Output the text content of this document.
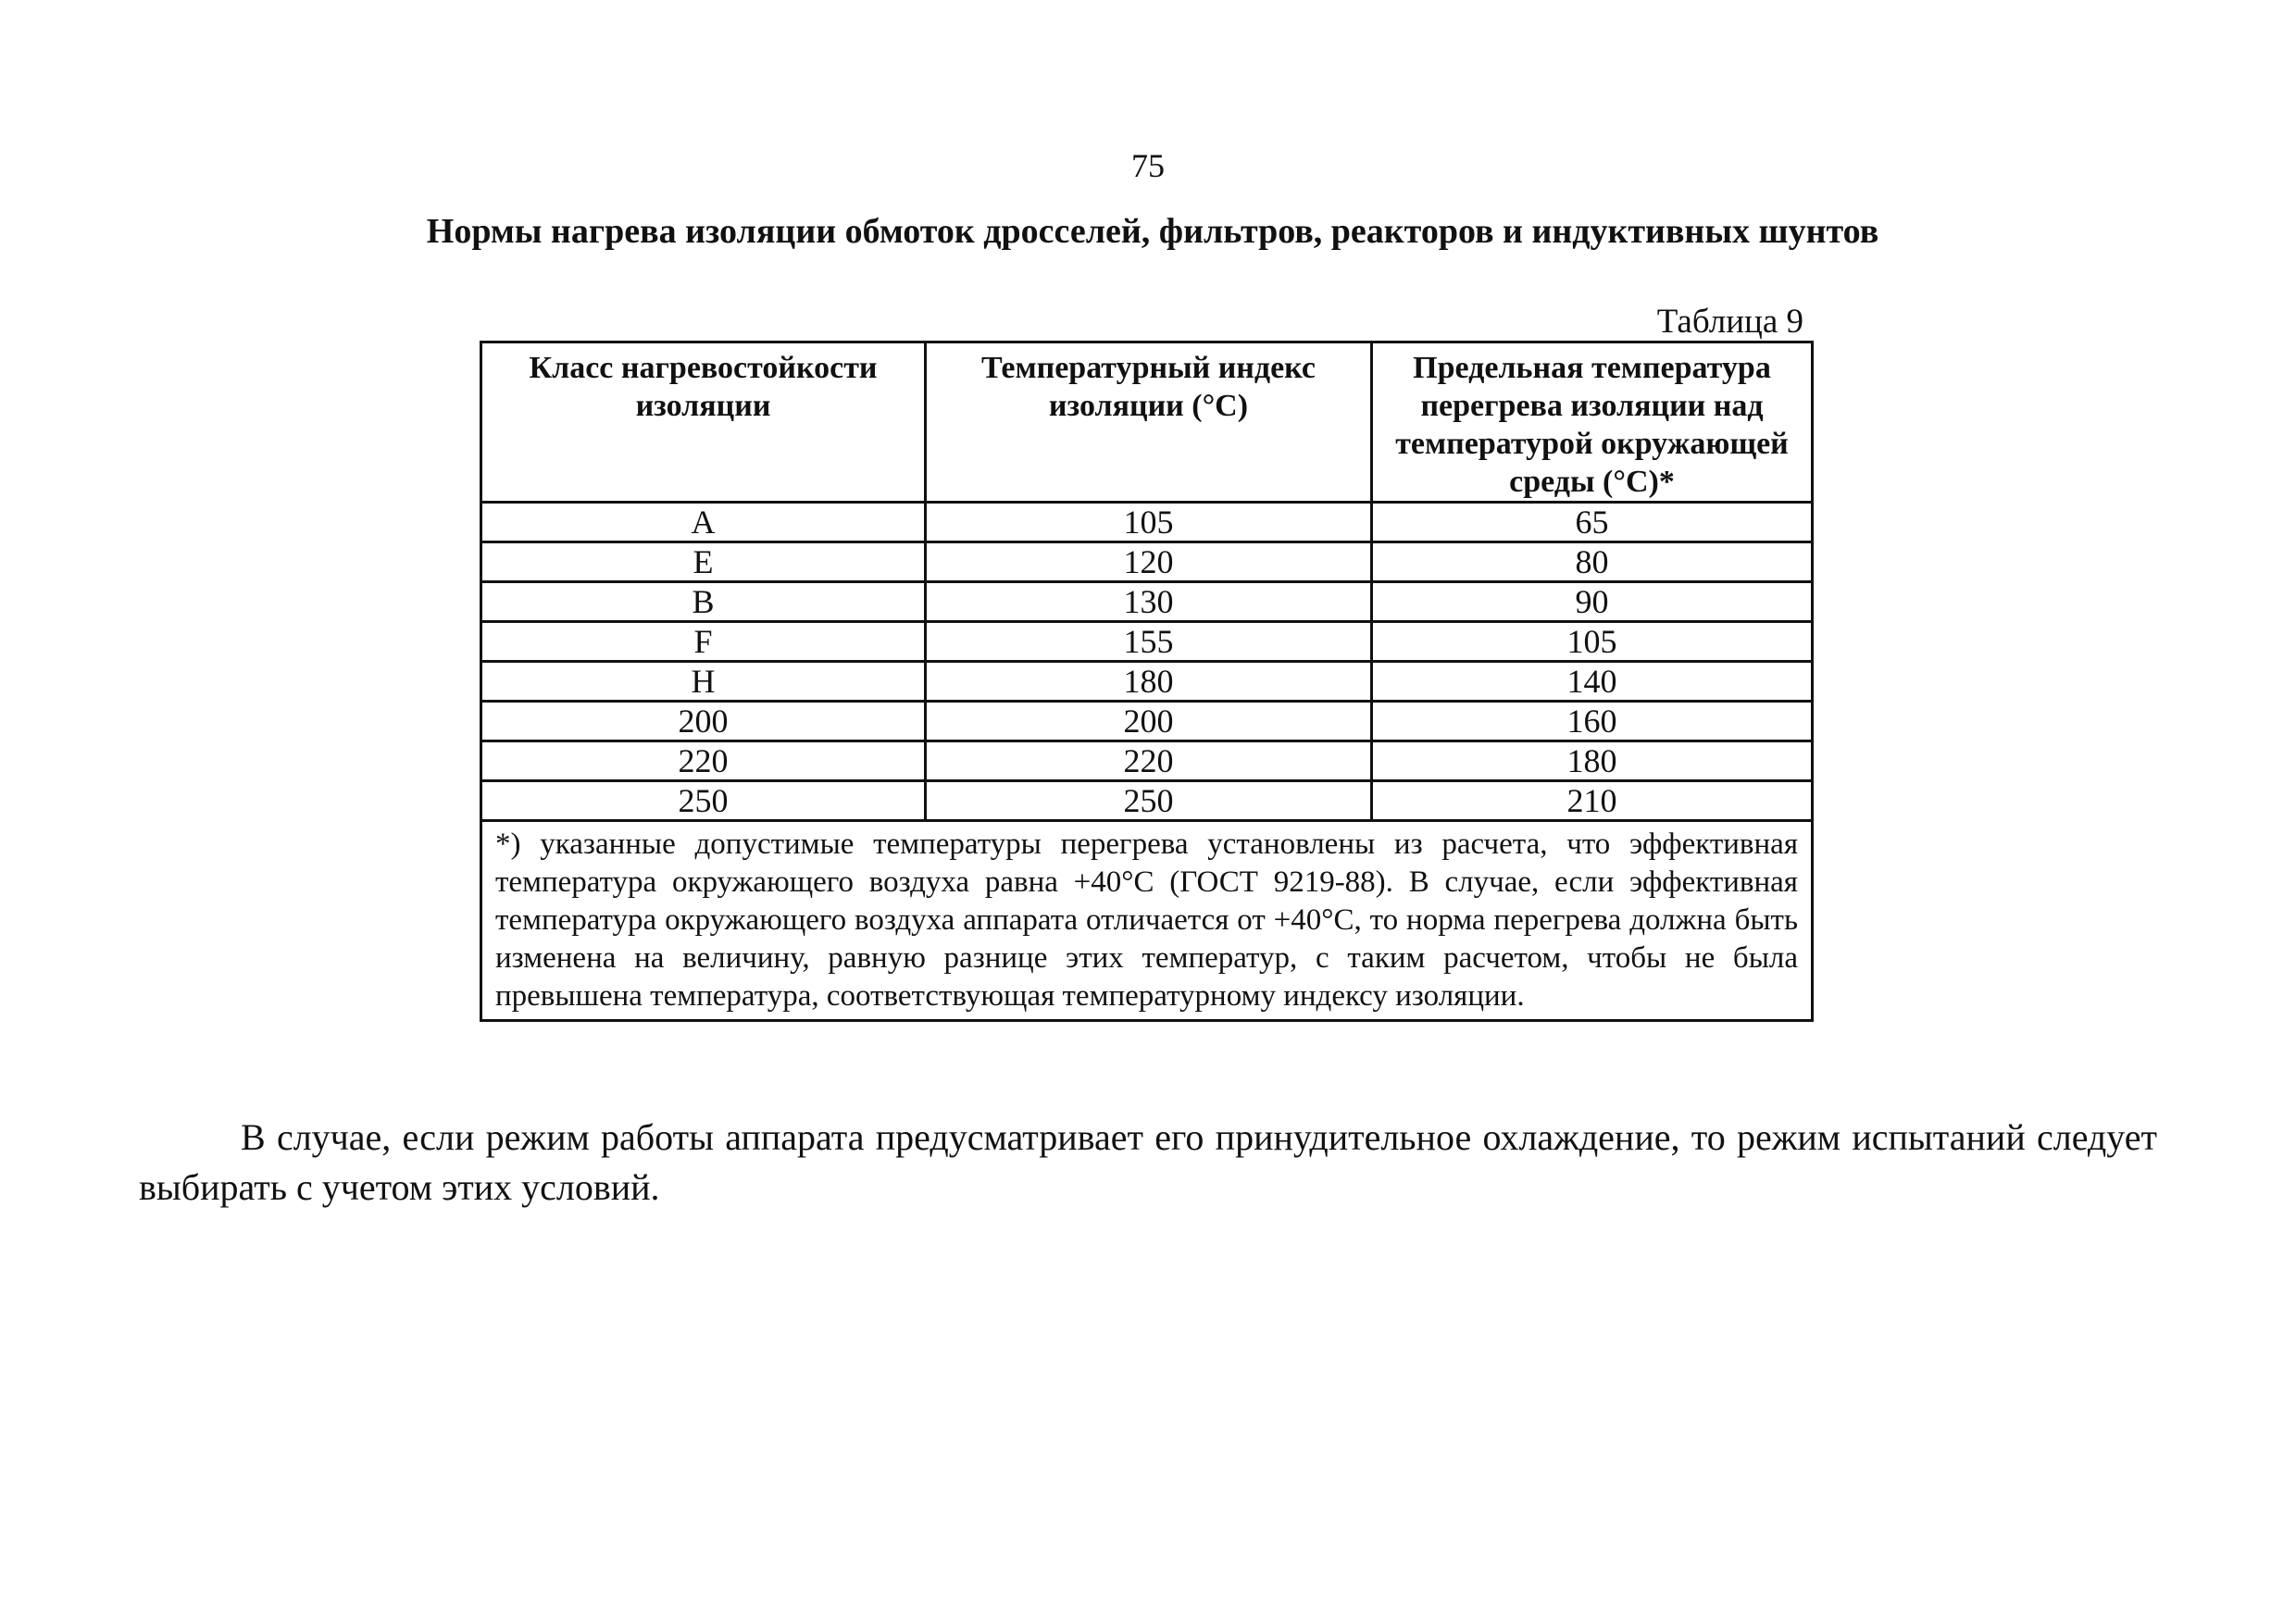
75
Нормы нагрева изоляции обмоток дросселей, фильтров, реакторов и индуктивных шунтов
Таблица 9
Класс нагревостойкости изоляции	Температурный индекс изоляции (°С)	Предельная температура перегрева изоляции над температурой окружающей среды (°С)*
А	105	65
Е	120	80
В	130	90
F	155	105
Н	180	140
200	200	160
220	220	180
250	250	210
*) указанные допустимые температуры перегрева установлены из расчета, что эффективная температура окружающего воздуха равна +40°С (ГОСТ 9219-88). В случае, если эффективная температура окружающего воздуха аппарата отличается от +40°С, то норма перегрева должна быть изменена на величину, равную разнице этих температур, с таким расчетом, чтобы не была превышена температура, соответствующая температурному индексу изоляции.		

В случае, если режим работы аппарата предусматривает его принудительное охлаждение, то режим испытаний следует выбирать с учетом этих условий.
